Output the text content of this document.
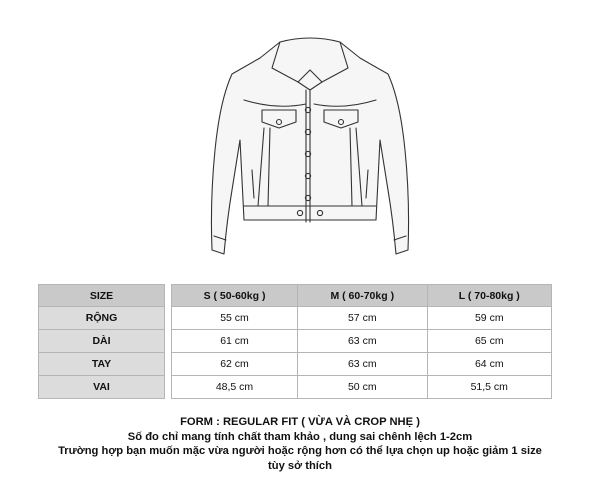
SIZE		S ( 50-60kg )	M ( 60-70kg )	L ( 70-80kg )
RỘNG		55 cm	57 cm	59 cm
DÀI		61 cm	63 cm	65 cm
TAY		62 cm	63 cm	64 cm
VAI		48,5 cm	50 cm	51,5 cm
FORM : REGULAR FIT ( VỪA VÀ CROP NHẸ )
Số đo chỉ mang tính chất tham khảo , dung sai chênh lệch 1-2cm
Trường hợp bạn muốn mặc vừa người hoặc rộng hơn có thể lựa chọn up hoặc giảm 1 size
tùy sở thích
